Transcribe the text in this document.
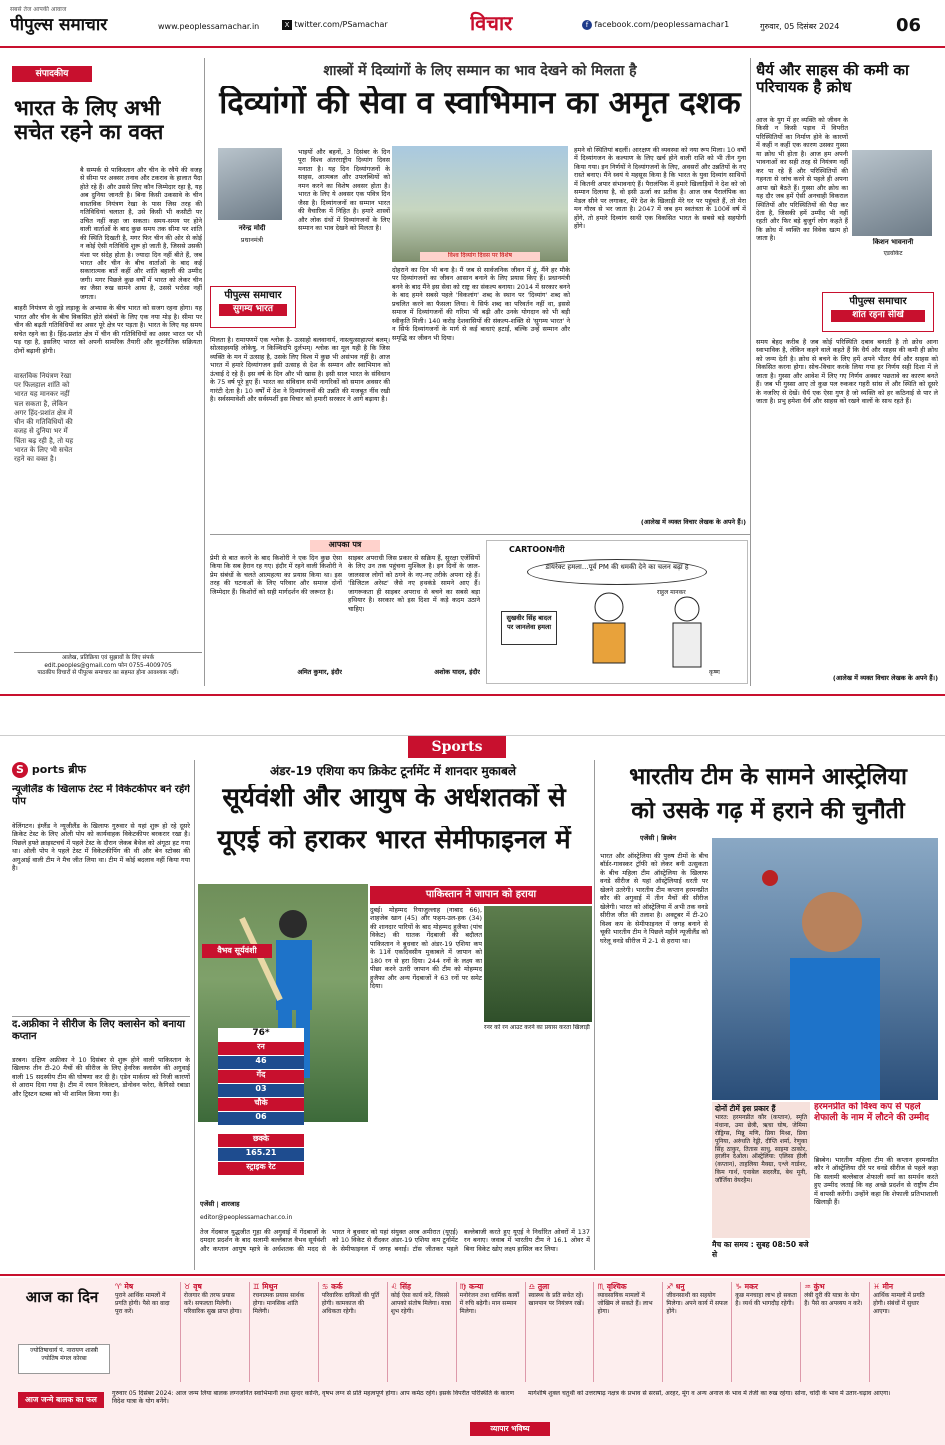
सबसे तेज आपकी आवाज
पीपुल्स समाचार	www.peoplessamachar.in	X twitter.com/PSamachar	विचार	f facebook.com/peoplessamachar1	गुरुवार, 05 दिसंबर 2024	06
संपादकीय
भारत के लिए अभी सचेत रहने का वक्त

बै सम्पर्क से पाकिस्तान और चीन के रवैये की वजह से सीमा पर अक्सर तनाव और टकराव के हालात पैदा होते रहे हैं। और उससे लिए कौन जिम्मेदार रहा है, यह अब दुनिया जानती है। बिना किसी उकसावे के चीन वास्तविक नियंत्रण रेखा के पास जिस तरह की गतिविधियां चलाता है, उसे किसी भी कसौटी पर उचित नहीं कहा जा सकता। समय-समय पर होने वाली वार्ताओं के बाद कुछ समय तक सीमा पर शांति की स्थिति दिखती है, मगर फिर चीन की ओर से कोई न कोई ऐसी गतिविधि शुरू हो जाती है, जिससे उसकी मंशा पर संदेह होता है। ज्यादा दिन नहीं बीते हैं, जब भारत और चीन के बीच वार्ताओं के बाद कई सकारात्मक बातें कहीं और शांति बहाली की उम्मीद जगी। मगर पिछले कुछ वर्षों में भारत को लेकर चीन का जैसा रुख सामने आया है, उससे भरोसा नहीं जगता।

बाहरी नियंत्रण से जुड़े लड़ाकू के अभ्यास के बीच भारत को सजग रहना होगा। यह भारत और चीन के बीच विकसित होते संबंधों के लिए एक नया मोड़ है। सीमा पर चीन की बढ़ती गतिविधियों का असर पूरे क्षेत्र पर पड़ता है। भारत के लिए यह समय सचेत रहने का है। हिंद-प्रशांत क्षेत्र में चीन की गतिविधियों का असर भारत पर भी पड़ रहा है, इसलिए भारत को अपनी सामरिक तैयारी और कूटनीतिक सक्रियता दोनों बढ़ानी होगी।

वास्तविक नियंत्रण रेखा पर फिलहाल शांति को भारत यह मानकर नहीं चल सकता है, लेकिन अगर हिंद-प्रशांत क्षेत्र में चीन की गतिविधियों की वजह से दुनिया भर में चिंता बढ़ रही है, तो यह भारत के लिए भी सचेत रहने का वक्त है।
आलेख, प्रतिक्रिया एवं सुझावों के लिए संपर्क
edit.peoples@gmail.com फोन 0755-4009705
पाठकीय विचारों से पीपुल्स समाचार का सहमत होना आवश्यक नहीं।
शास्त्रों में दिव्यांगों के लिए सम्मान का भाव देखने को मिलता है
दिव्यांगों की सेवा व स्वाभिमान का अमृत दशक
नरेन्द्र मोदी
प्रधानमंत्री
पीपुल्स समाचार
सुगम्य भारत

भाइयों और बहनों, 3 दिसंबर के दिन पूरा विश्व अंतरराष्ट्रीय दिव्यांग दिवस मनाता है। यह दिन दिव्यांगजनों के साहस, आत्मबल और उपलब्धियों को नमन करने का विशेष अवसर होता है। भारत के लिए ये अवसर एक पवित्र दिन जैसा है। दिव्यांगजनों का सम्मान भारत की वैचारिक में निहित है। हमारे शास्त्रों और लोक ग्रंथों में दिव्यांगजनों के लिए सम्मान का भाव देखने को मिलता है।

विश्व दिव्यांग दिवस पर विशेष

मिलता है। रामायणमें एक श्लोक है- उत्साहो बलवानार्य, नास्त्युत्साहात्परं बलम्। सोत्साहस्यहि लोकेषु, न किञ्चिदपि दुर्लभम्। श्लोक का मूल यही है कि जिस व्यक्ति के मन में उत्साह है, उसके लिए विश्व में कुछ भी असंभव नहीं है। आज भारत में हमारे दिव्यांगजन इसी उत्साह से देश के सम्मान और स्वाभिमान को ऊंचाई दे रहे हैं। इस वर्ष के दिन और भी खास है। इसी साल भारत के संविधान के 75 वर्ष पूरे हुए हैं। भारत का संविधान सभी नागरिकों को समान अवसर की गारंटी देता है। 10 वर्षों में देश ने दिव्यांगजनों की उन्नति की मजबूत नींव रखी है। सर्वसमावेशी और सर्वस्पर्शी इस विचार को हमारी सरकार ने आगे बढ़ाया है।

दोहराने का दिन भी बना है। मैं जब से सार्वजनिक जीवन में हूं, मैंने हर मौके पर दिव्यांगजनों का जीवन आसान बनाने के लिए प्रयास किए हैं। प्रधानमंत्री बनने के बाद मैंने इस सेवा को राष्ट्र का संकल्प बनाया। 2014 में सरकार बनने के बाद हमने सबसे पहले 'विकलांग' शब्द के स्थान पर 'दिव्यांग' शब्द को प्रचलित करने का फैसला लिया। ये सिर्फ शब्द का परिवर्तन नहीं था, इससे समाज में दिव्यांगजनों की गरिमा भी बढ़ी और उनके योगदान को भी बड़ी स्वीकृति मिली। 140 करोड़ देशवासियों की संकल्प-शक्ति से 'सुगम्य भारत' ने न सिर्फ दिव्यांगजनों के मार्ग से कई बाधाएं हटाईं, बल्कि उन्हें सम्मान और समृद्धि का जीवन भी दिया।

हमने वो स्थितियां बदलीं। आरक्षण की व्यवस्था को नया रूप मिला। 10 वर्षों में दिव्यांगजन के कल्याण के लिए खर्च होने वाली राशि को भी तीन गुना किया गया। इन निर्णयों ने दिव्यांगजनों के लिए, अवसरों और उन्नतियों के नए रास्ते बनाए। मैंने स्वयं ये महसूस किया है कि भारत के युवा दिव्यांग साथियों में कितनी अपार संभावनाएं हैं। पैरालंपिक में हमारे खिलाड़ियों ने देश को जो सम्मान दिलाया है, वो इसी ऊर्जा का प्रतीक है। आज जब पैरालंपिक का मेडल सीने पर लगाकर, मेरे देश के खिलाड़ी मेरे घर पर पहुंचते हैं, तो मेरा मन गौरव से भर जाता है। 2047 में जब हम स्वतंत्रता के 100वें वर्ष में होंगे, तो हमारे दिव्यांग साथी एक विकसित भारत के सबसे बड़े सहयोगी होंगे।

(आलेख में व्यक्त विचार लेखक के अपने हैं।)
आपका पत्र

प्रेमी से बात करने के बाद किशोरी ने एक दिन कुछ ऐसा किया कि सब हैरान रह गए। इंदौर में रहने वाली किशोरी ने प्रेम संबंधों के चलते आत्महत्या का प्रयास किया था। इस तरह की घटनाओं के लिए परिवार और समाज दोनों जिम्मेदार हैं। किशोरों को सही मार्गदर्शन की जरूरत है।

अमित कुमार, इंदौर

साइबर अपराधी जिस प्रकार से सक्रिय हैं, सुरक्षा एजेंसियों के लिए उन तक पहुंचना मुश्किल है। इन दिनों के जाल-जालसाज लोगों को ठगने के नए-नए तरीके अपना रहे हैं। 'डिजिटल अरेस्ट' जैसे नए हथकंडे सामने आए हैं। जागरूकता ही साइबर अपराध से बचने का सबसे बड़ा हथियार है। सरकार को इस दिशा में कड़े कदम उठाने चाहिए।

अशोक यादव, इंदौर
CARTOONगीरी
डायरेक्ट हमला...पूर्व PM की धमकी देने का चलन बढ़ा है
सुखवीर सिंह बादल पर जानलेवा हमला
राहुल मानकर
कृष्ण
धैर्य और साहस की कमी का परिचायक है क्रोध

आज के युग में हर व्यक्ति को जीवन के किसी न किसी पड़ाव में विपरीत परिस्थितियों का निर्माण होने के कारणों में कहीं न कहीं एक कारण उसका गुस्सा या क्रोध भी होता है। आज हम अपनी भावनाओं का सही तरह से नियंत्रण नहीं कर पा रहे हैं और परिस्थितियों की गहनता से जांच करने से पहले ही अपना आपा खो बैठते हैं। गुस्सा और क्रोध का यह दौर जब हमें ऐसी अनचाही विकराल स्थितियों और परिस्थितियों की पैदा कर देता है, जिसकी हमें उम्मीद भी नहीं रहती और फिर बड़े बुजुर्ग लोग कहते हैं कि क्रोध में व्यक्ति का विवेक खत्म हो जाता है।	किशन भावनानी
एडवोकेट
पीपुल्स समाचार
शांत रहना सीखें

समय बेहद करीब है जब कोई परिस्थिति दबाव बनाती है तो क्रोध आना स्वाभाविक है, लेकिन कहने वाले कहते हैं कि धैर्य और साहस की कमी ही क्रोध को जन्म देती है। क्रोध से बचने के लिए हमें अपने भीतर धैर्य और साहस को विकसित करना होगा। सोच-विचार करके लिया गया हर निर्णय सही दिशा में ले जाता है। गुस्सा और आवेश में लिए गए निर्णय अक्सर पछतावे का कारण बनते हैं। जब भी गुस्सा आए तो कुछ पल रुककर गहरी सांस लें और स्थिति को दूसरे के नजरिए से देखें। धैर्य एक ऐसा गुण है जो व्यक्ति को हर कठिनाई से पार ले जाता है। प्रभु हमेशा धैर्य और साहस को रखने वालों के साथ रहते हैं।

(आलेख में व्यक्त विचार लेखक के अपने हैं।)
Sports
S ports ब्रीफ
न्यूजीलैंड के खिलाफ टेस्ट में विकेटकीपर बने रहेंगे पोप

वेलिंगटन। इंग्लैंड ने न्यूजीलैंड के खिलाफ गुरुवार से यहां शुरू हो रहे दूसरे क्रिकेट टेस्ट के लिए ओली पोप को कार्यवाहक विकेटकीपर बरकरार रखा है। पिछले हफ्ते क्राइस्टचर्च में पहले टेस्ट के दौरान जेकब बैथेल को अंगूठा हट गया था। ओली पोप ने पहले टेस्ट में विकेटकीपिंग की थी और बेन स्टोक्स की अगुआई वाली टीम ने मैच जीत लिया था। टीम में कोई बदलाव नहीं किया गया है।

द.अफ्रीका ने सीरीज के लिए क्लासेन को बनाया कप्तान

डरबन। दक्षिण अफ्रीका ने 10 दिसंबर से शुरू होने वाली पाकिस्तान के खिलाफ तीन टी-20 मैचों की सीरीज के लिए हेनरिक क्लासेन की अगुवाई वाली 15 सदस्यीय टीम की घोषणा कर दी है। एडेन मार्करम को निजी कारणों से आराम दिया गया है। टीम में रयान रिकेल्टन, डोनोवन फरेरा, कैगिसो रबाडा और ट्रिस्टन स्टब्स को भी शामिल किया गया है।

अंडर-19 एशिया कप क्रिकेट टूर्नामेंट में शानदार मुकाबले
सूर्यवंशी और आयुष के अर्धशतकों से
यूएई को हराकर भारत सेमीफाइनल में
वैभव सूर्यवंशी
76*
रन
46
गेंद
03
चौके
06
छक्के
165.21
स्ट्राइक रेट
एजेंसी | शारजाह
editor@peoplessamachar.co.in

तेज गेंदबाज युद्धजीत गुहा की अगुवाई में गेंदबाजों के दमदार प्रदर्शन के बाद सलामी बल्लेबाज वैभव सूर्यवंशी और कप्तान आयुष म्हात्रे के अर्धशतक की मदद से भारत ने बुधवार को यहां संयुक्त अरब अमीरात (यूएई) को 10 विकेट से रौंदकर अंडर-19 एशिया कप टूर्नामेंट के सेमीफाइनल में जगह बनाई। टॉस जीतकर पहले बल्लेबाजी करते हुए यूएई ने निर्धारित ओवरों में 137 रन बनाए। जवाब में भारतीय टीम ने 16.1 ओवर में बिना विकेट खोए लक्ष्य हासिल कर लिया।

पाकिस्तान ने जापान को हराया

दुबई। मोहम्मद रियाजुल्लाह (नाबाद 66), शाहजेब खान (45) और फहम-उल-हक (34) की शानदार पारियों के बाद मोहम्मद हुजैफा (पांच विकेट) की घातक गेंदबाजी की बदौलत पाकिस्तान ने बुधवार को अंडर-19 एशिया कप के 11वें एकदिवसीय मुकाबले में जापान को 180 रन से हरा दिया। 244 रनों के लक्ष्य का पीछा करने उतरी जापान की टीम को मोहम्मद हुजैफा और अन्य गेंदबाजों ने 63 रनों पर समेट दिया।

रनर को रन आउट करने का प्रयास करता खिलाड़ी
भारतीय टीम के सामने आस्ट्रेलिया
को उसके गढ़ में हराने की चुनौती
एजेंसी | ब्रिस्बेन

भारत और ऑस्ट्रेलिया की पुरुष टीमों के बीच बॉर्डर-गावस्कर ट्रॉफी को लेकर बनी उत्सुकता के बीच महिला टीम ऑस्ट्रेलिया के खिलाफ वनडे सीरीज से यहां ऑस्ट्रेलियाई धरती पर खेलने उतरेगी। भारतीय टीम कप्तान हरमनप्रीत कौर की अगुवाई में तीन मैचों की सीरीज खेलेगी। भारत को ऑस्ट्रेलिया में अभी तक वनडे सीरीज जीत की तलाश है। अक्टूबर में टी-20 विश्व कप के सेमीफाइनल में जगह बनाने से चूकी भारतीय टीम ने पिछले महीने न्यूजीलैंड को घरेलू वनडे सीरीज में 2-1 से हराया था।

दोनों टीमें इस प्रकार हैं

भारत: हरमनप्रीत कौर (कप्तान), स्मृति मंधाना, उमा छेत्री, ऋचा घोष, जेमिमा रोड्रिग्स, मिन्नू मणि, प्रिया मिश्रा, प्रिया पूनिया, अरुंधति रेड्डी, दीप्ति शर्मा, रेणुका सिंह ठाकुर, तितास साधु, साइमा ठाकोर, हरलीन देओल। ऑस्ट्रेलिया: एलिसा हीली (कप्तान), ताहलिया मैक्ग्रा, एश्ले गार्डनर, किम गार्थ, एनाबेल सदरलैंड, बेथ मूनी, जॉर्जिया वेयरहैम।

मैच का समय : सुबह 08:50 बजे से
हरमनप्रीत को विश्व कप से पहले शेफाली के नाम में लौटने की उम्मीद

ब्रिस्बेन। भारतीय महिला टीम की कप्तान हरमनप्रीत कौर ने ऑस्ट्रेलिया दौरे पर वनडे सीरीज से पहले कहा कि सलामी बल्लेबाज शेफाली वर्मा का समर्थन करते हुए उम्मीद जताई कि वह अच्छे प्रदर्शन से राष्ट्रीय टीम में वापसी करेंगी। उन्होंने कहा कि शेफाली प्रतिभाशाली खिलाड़ी हैं।

आज का दिन
ज्योतिषाचार्य पं. नारायण शास्त्री ज्योतिष मंगल कोरबा
♈ मेष
पुराने आर्थिक मामलों में प्रगति होगी। पैसे का वादा पूरा करें।
♉ वृष
रोजगार की तरफ प्रयास करें। सफलता मिलेगी। परिवारिक सुख प्राप्त होगा।
♊ मिथुन
रचनात्मक प्रयास सार्थक होगा। मानसिक शांति मिलेगी।
♋ कर्क
परिवारिक दायित्वों की पूर्ति होगी। कामकाज की अधिकता रहेगी।
♌ सिंह
कोई ऐसा कार्य करें, जिससे आपको संतोष मिलेगा। यात्रा शुभ रहेगी।
♍ कन्या
मनोरंजन तथा धार्मिक कार्यों में रुचि बढ़ेगी। मान सम्मान मिलेगा।
♎ तुला
स्वास्थ्य के प्रति सचेत रहें। खानपान पर नियंत्रण रखें।
♏ वृश्चिक
व्यावसायिक मामलों में जोखिम ले सकते हैं। लाभ होगा।
♐ धनु
जीवनसाथी का सहयोग मिलेगा। अपने कार्य में सफल होंगे।
♑ मकर
कुछ मनचाहा लाभ हो सकता है। व्यर्थ की भागदौड़ रहेगी।
♒ कुंभ
लंबी दूरी की यात्रा के योग हैं। पैसे का अपव्यय न करें।
♓ मीन
आर्थिक मामलों में प्रगति होगी। संबंधों में सुधार आएगा।
आज जन्मे बालक का फल
गुरुवार 05 दिसंबर 2024: आज जन्म लिया बालक लग्नजनित स्वाभिमानी तथा सुन्दर कान्ति, वृषभ लग्न से प्रति महत्वपूर्ण होगा। आप कर्मठ रहेंगे। इसके विपरीत परिस्थिति के कारण विदेश यात्रा के योग बनेंगे।
व्यापार भविष्य
मार्गशीर्ष शुक्ल चतुर्थी को उत्तराषाढ़ नक्षत्र के प्रभाव से सरसों, अरहर, मूंग व अन्य अनाज के भाव में तेजी का रुख रहेगा। सोना, चांदी के भाव में उतार-चढ़ाव आएगा।
